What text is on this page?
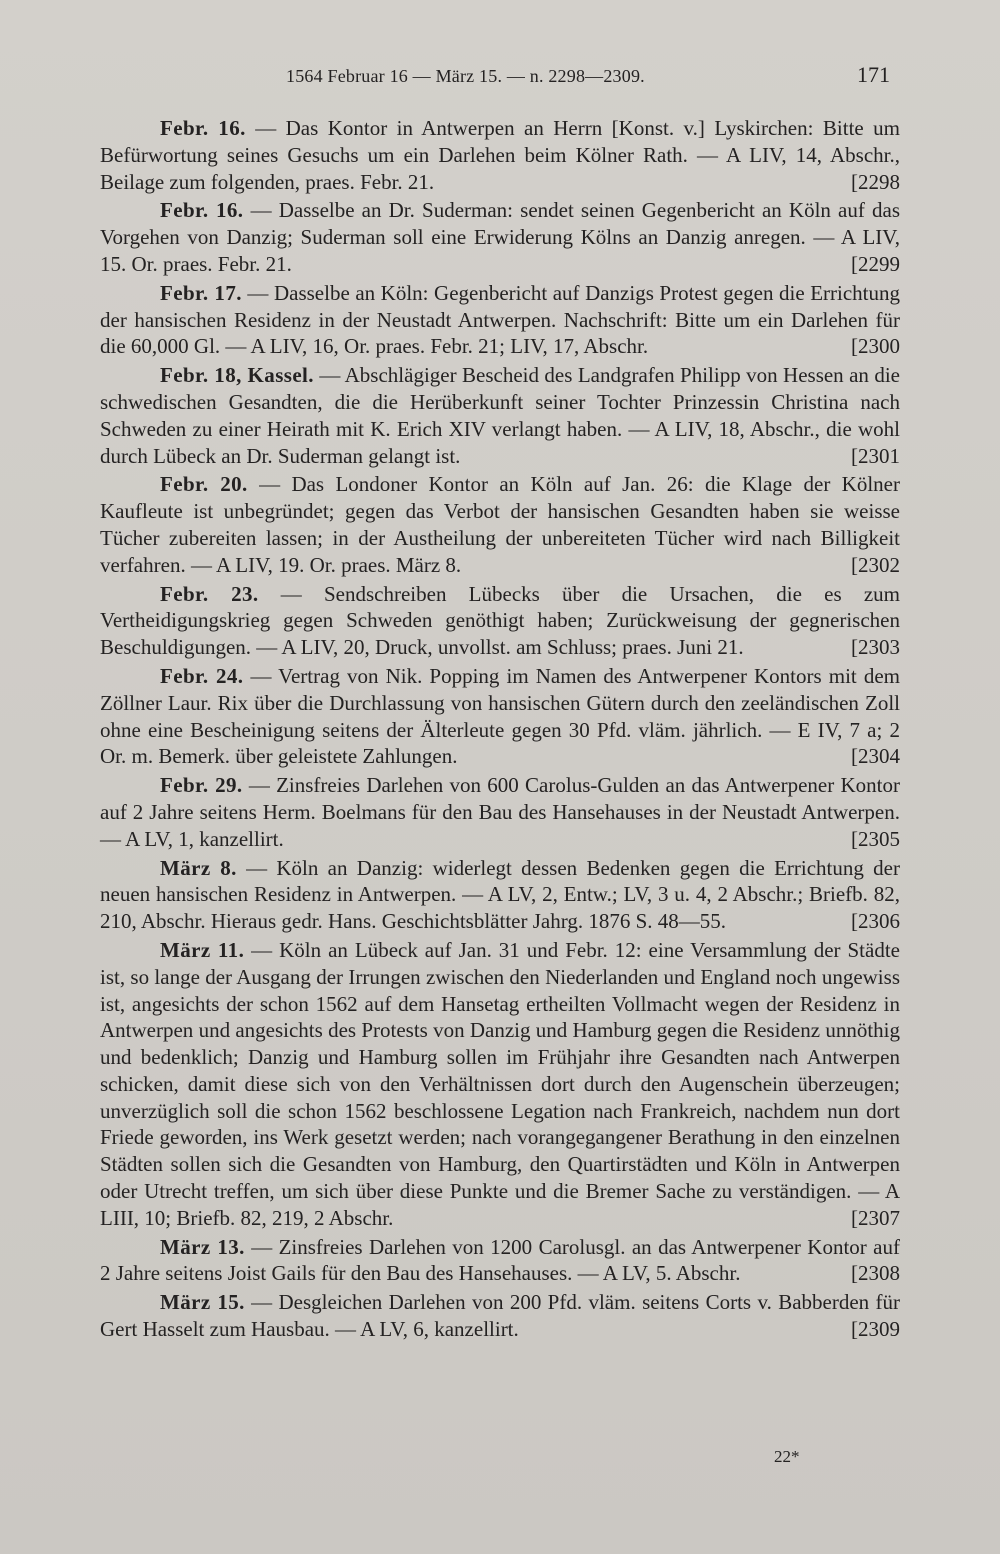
1564 Februar 16 — März 15. — n. 2298—2309.	171

Febr. 16. — Das Kontor in Antwerpen an Herrn [Konst. v.] Lyskirchen: Bitte um Befürwortung seines Gesuchs um ein Darlehen beim Kölner Rath. — A LIV, 14, Abschr., Beilage zum folgenden, praes. Febr. 21.	[2298

Febr. 16. — Dasselbe an Dr. Suderman: sendet seinen Gegenbericht an Köln auf das Vorgehen von Danzig; Suderman soll eine Erwiderung Kölns an Danzig anregen. — A LIV, 15. Or. praes. Febr. 21.	[2299

Febr. 17. — Dasselbe an Köln: Gegenbericht auf Danzigs Protest gegen die Errichtung der hansischen Residenz in der Neustadt Antwerpen. Nachschrift: Bitte um ein Darlehen für die 60,000 Gl. — A LIV, 16, Or. praes. Febr. 21; LIV, 17, Abschr.	[2300

Febr. 18, Kassel. — Abschlägiger Bescheid des Landgrafen Philipp von Hessen an die schwedischen Gesandten, die die Herüberkunft seiner Tochter Prinzessin Christina nach Schweden zu einer Heirath mit K. Erich XIV verlangt haben. — A LIV, 18, Abschr., die wohl durch Lübeck an Dr. Suderman gelangt ist.	[2301

Febr. 20. — Das Londoner Kontor an Köln auf Jan. 26: die Klage der Kölner Kaufleute ist unbegründet; gegen das Verbot der hansischen Gesandten haben sie weisse Tücher zubereiten lassen; in der Austheilung der unbereiteten Tücher wird nach Billigkeit verfahren. — A LIV, 19. Or. praes. März 8.	[2302

Febr. 23. — Sendschreiben Lübecks über die Ursachen, die es zum Vertheidigungskrieg gegen Schweden genöthigt haben; Zurückweisung der gegnerischen Beschuldigungen. — A LIV, 20, Druck, unvollst. am Schluss; praes. Juni 21.	[2303

Febr. 24. — Vertrag von Nik. Popping im Namen des Antwerpener Kontors mit dem Zöllner Laur. Rix über die Durchlassung von hansischen Gütern durch den zeeländischen Zoll ohne eine Bescheinigung seitens der Älterleute gegen 30 Pfd. vläm. jährlich. — E IV, 7 a; 2 Or. m. Bemerk. über geleistete Zahlungen.	[2304

Febr. 29. — Zinsfreies Darlehen von 600 Carolus-Gulden an das Antwerpener Kontor auf 2 Jahre seitens Herm. Boelmans für den Bau des Hansehauses in der Neustadt Antwerpen. — A LV, 1, kanzellirt.	[2305

März 8. — Köln an Danzig: widerlegt dessen Bedenken gegen die Errichtung der neuen hansischen Residenz in Antwerpen. — A LV, 2, Entw.; LV, 3 u. 4, 2 Abschr.; Briefb. 82, 210, Abschr. Hieraus gedr. Hans. Geschichtsblätter Jahrg. 1876 S. 48—55.	[2306

März 11. — Köln an Lübeck auf Jan. 31 und Febr. 12: eine Versammlung der Städte ist, so lange der Ausgang der Irrungen zwischen den Niederlanden und England noch ungewiss ist, angesichts der schon 1562 auf dem Hansetag ertheilten Vollmacht wegen der Residenz in Antwerpen und angesichts des Protests von Danzig und Hamburg gegen die Residenz unnöthig und bedenklich; Danzig und Hamburg sollen im Frühjahr ihre Gesandten nach Antwerpen schicken, damit diese sich von den Verhältnissen dort durch den Augenschein überzeugen; unverzüglich soll die schon 1562 beschlossene Legation nach Frankreich, nachdem nun dort Friede geworden, ins Werk gesetzt werden; nach vorangegangener Berathung in den einzelnen Städten sollen sich die Gesandten von Hamburg, den Quartirstädten und Köln in Antwerpen oder Utrecht treffen, um sich über diese Punkte und die Bremer Sache zu verständigen. — A LIII, 10; Briefb. 82, 219, 2 Abschr.	[2307

März 13. — Zinsfreies Darlehen von 1200 Carolusgl. an das Antwerpener Kontor auf 2 Jahre seitens Joist Gails für den Bau des Hansehauses. — A LV, 5. Abschr.	[2308

März 15. — Desgleichen Darlehen von 200 Pfd. vläm. seitens Corts v. Babberden für Gert Hasselt zum Hausbau. — A LV, 6, kanzellirt.	[2309

22*
